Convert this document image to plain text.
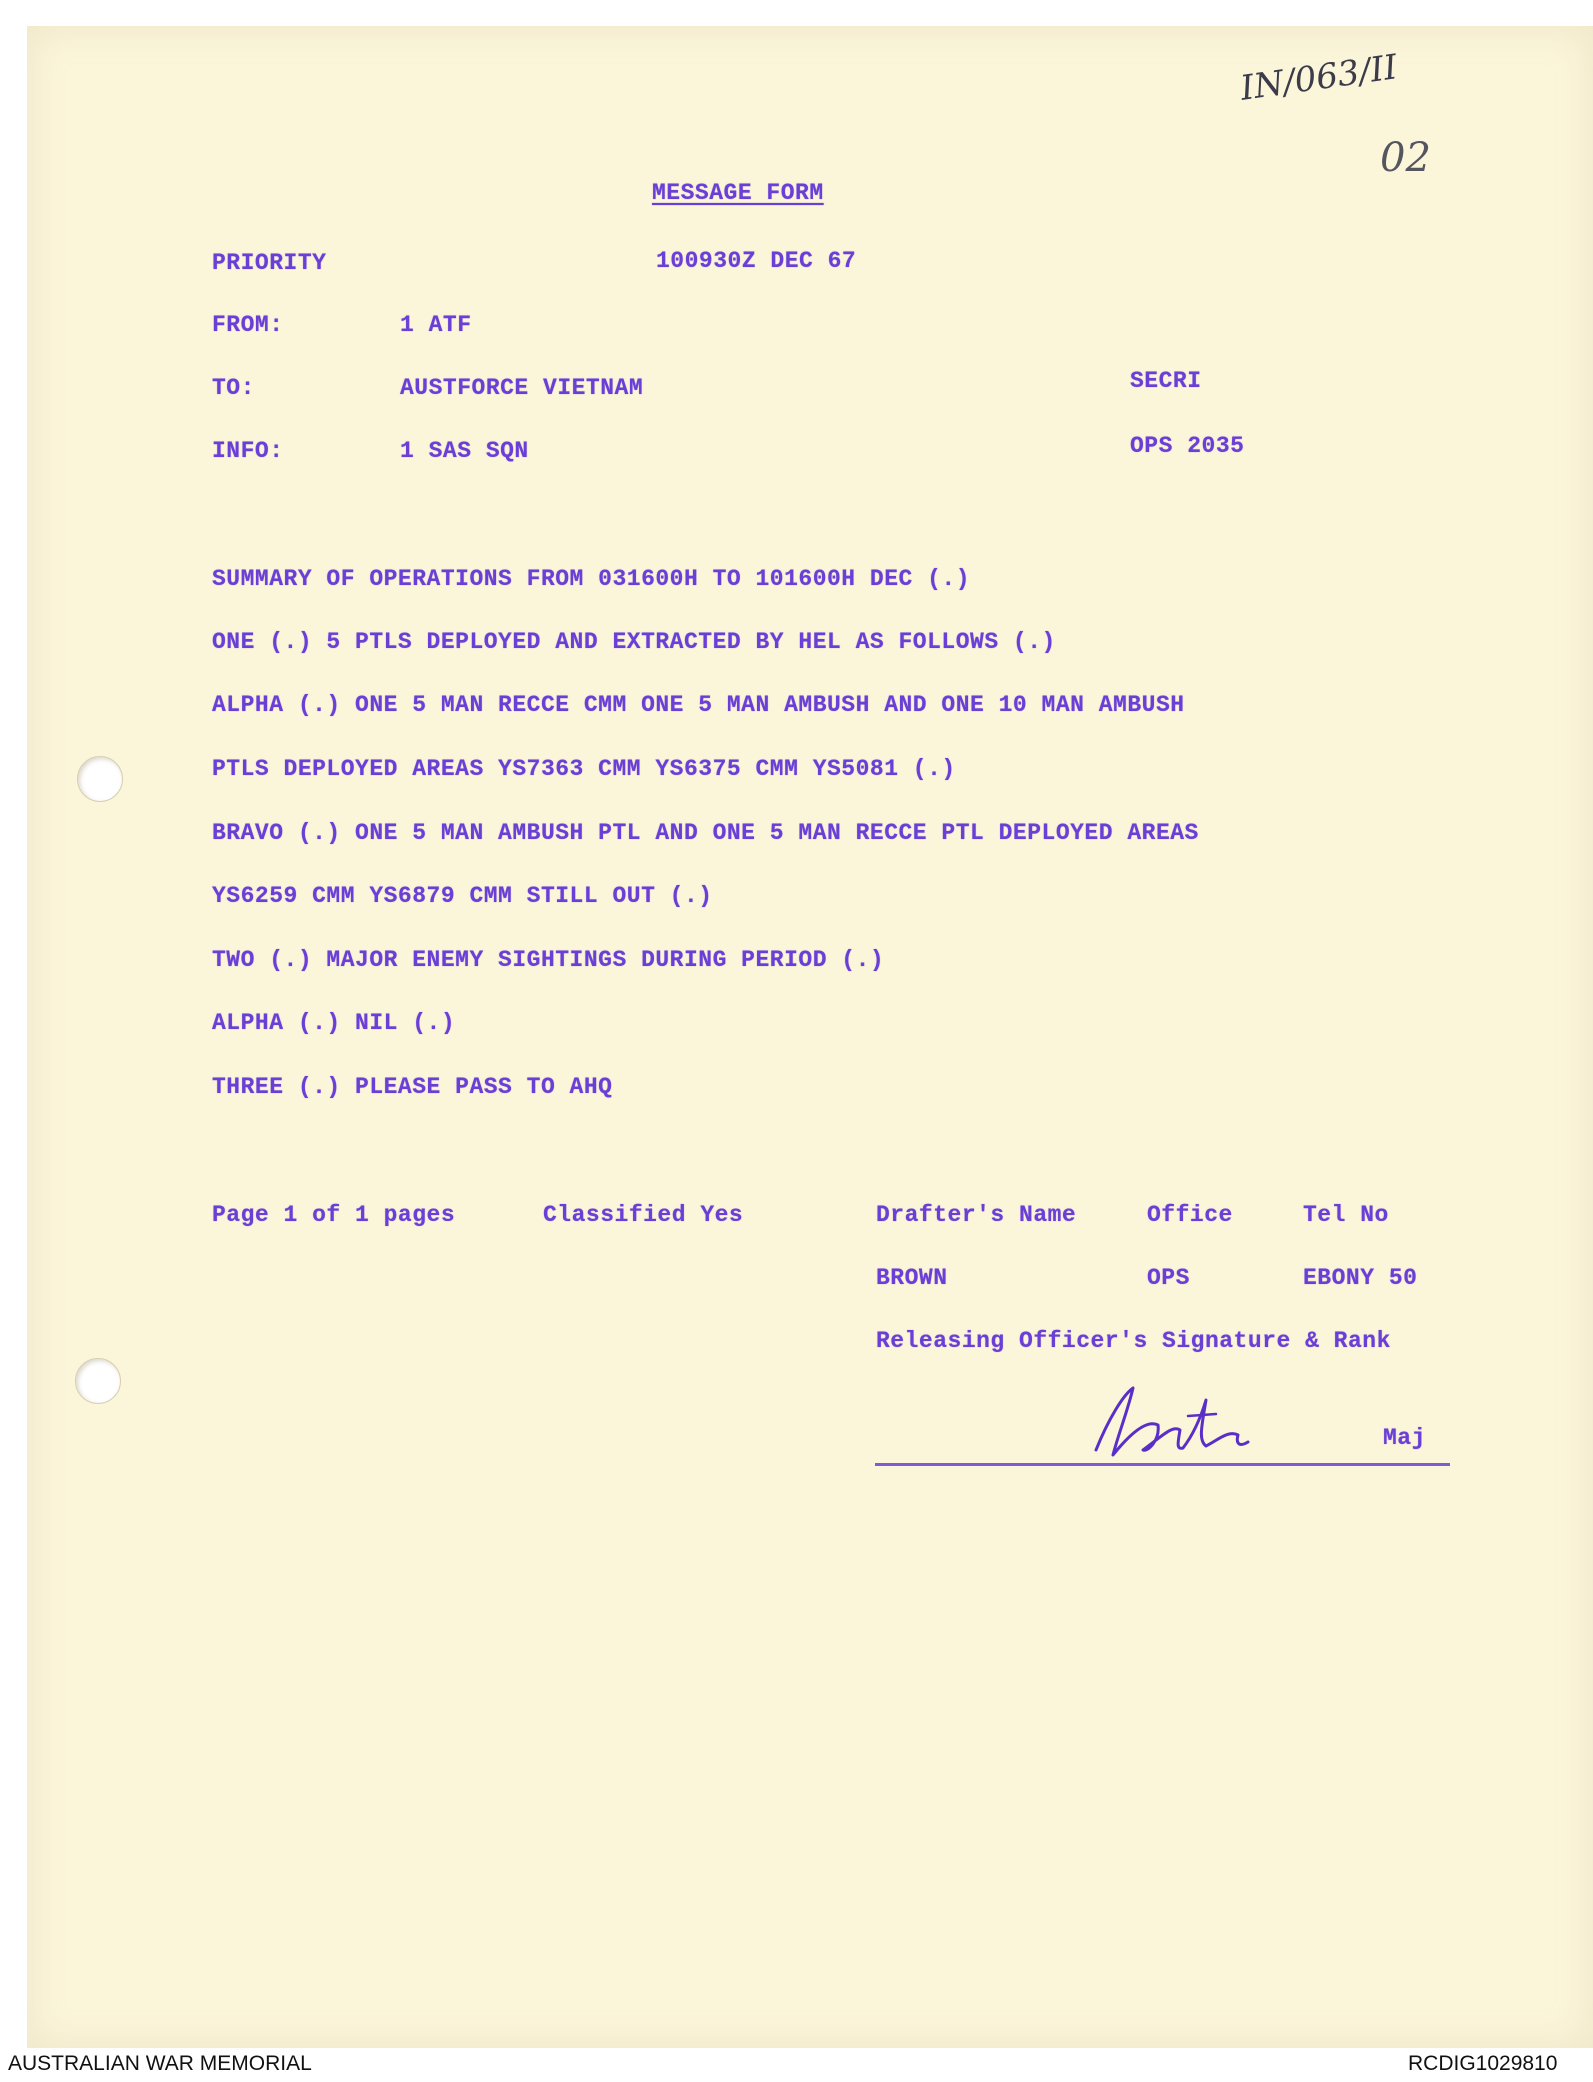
IN/063/II
02
MESSAGE FORM
PRIORITY	100930Z DEC 67
FROM:	1 ATF
TO:	AUSTFORCE VIETNAM	SECRI
INFO:	1 SAS SQN	OPS 2035
SUMMARY OF OPERATIONS FROM 031600H TO 101600H DEC (.)
ONE (.) 5 PTLS DEPLOYED AND EXTRACTED BY HEL AS FOLLOWS (.)
ALPHA (.) ONE 5 MAN RECCE CMM ONE 5 MAN AMBUSH AND ONE 10 MAN AMBUSH
PTLS DEPLOYED AREAS YS7363 CMM YS6375 CMM YS5081 (.)
BRAVO (.) ONE 5 MAN AMBUSH PTL AND ONE 5 MAN RECCE PTL DEPLOYED AREAS
YS6259 CMM YS6879 CMM STILL OUT (.)
TWO (.) MAJOR ENEMY SIGHTINGS DURING PERIOD (.)
ALPHA (.) NIL (.)
THREE (.) PLEASE PASS TO AHQ
Page 1 of 1 pages	Classified Yes	Drafter's Name	Office	Tel No
BROWN	OPS	EBONY 50
Releasing Officer's Signature & Rank
Maj
AUSTRALIAN WAR MEMORIAL	RCDIG1029810
